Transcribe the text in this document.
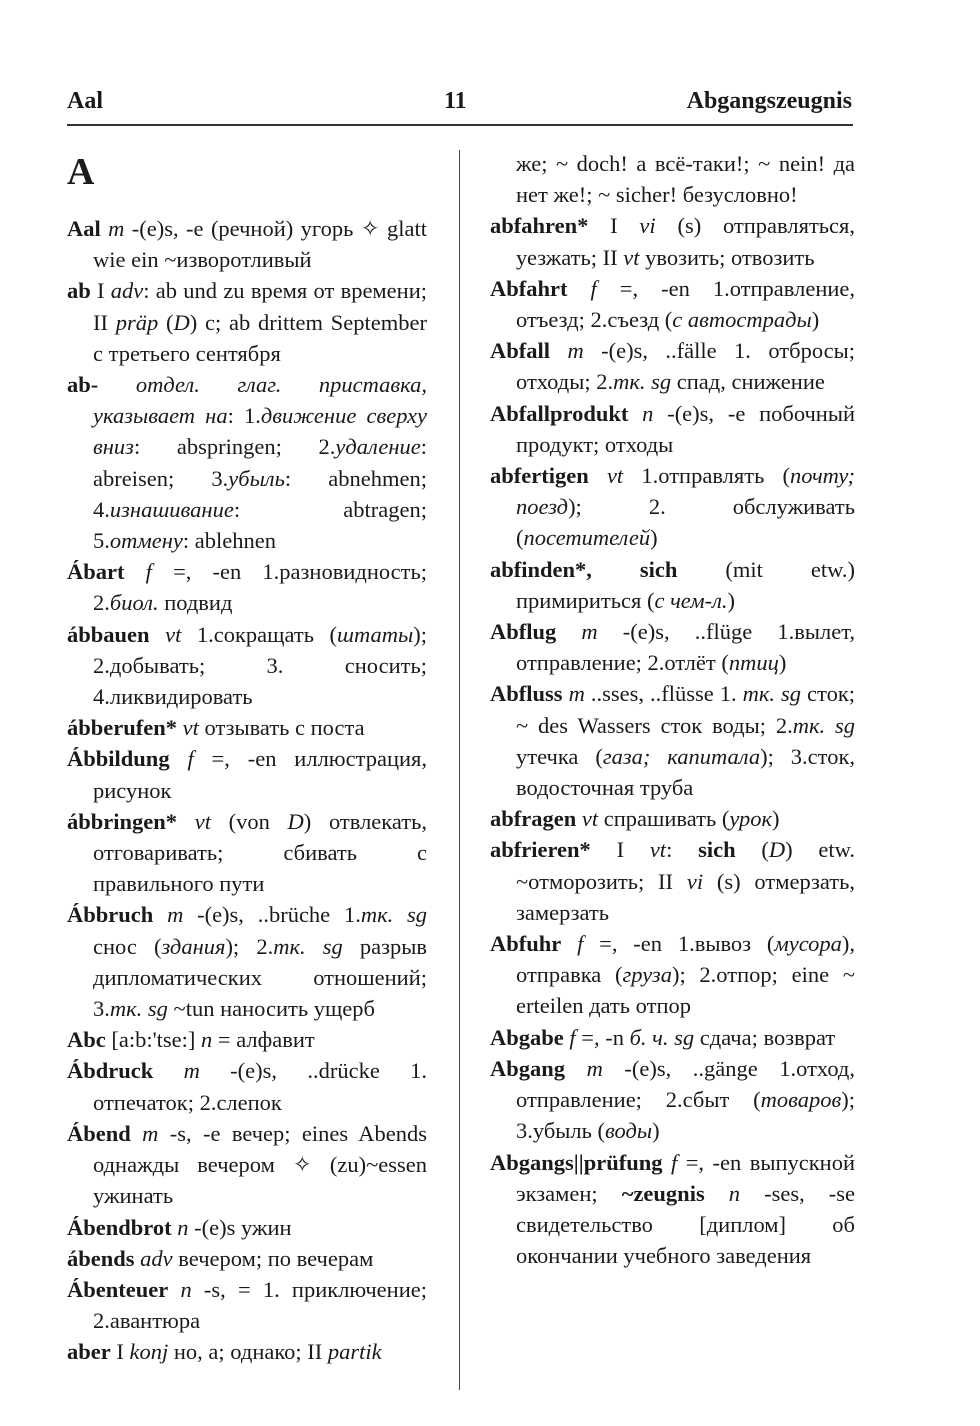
Aal	11	Abgangszeugnis
A

Aal m -(e)s, -e (речной) угорь ✧ glatt wie ein ~изворотливый

ab I adv: ab und zu время от времени; II präp (D) с; ab drittem September с третьего сентября

ab- отдел. глаг. приставка, указывает на: 1.движение сверху вниз: abspringen; 2.удаление: abreisen; 3.убыль: abnehmen; 4.изнашивание: abtragen; 5.отмену: ablehnen

Ábart f =, -en 1.разновидность; 2.биол. подвид

ábbauen vt 1.сокращать (штаты); 2.добывать; 3. сносить; 4.ликвидировать

ábberufen* vt отзывать с поста

Ábbildung f =, -en иллюстрация, рисунок

ábbringen* vt (von D) отвлекать, отговаривать; сбивать с правильного пути

Ábbruch m -(e)s, ..brüche 1.тк. sg снос (здания); 2.тк. sg разрыв дипломатических отношений; 3.тк. sg ~tun наносить ущерб

Abc [a:b:'tse:] n = алфавит

Ábdruck m -(e)s, ..drücke 1. отпечаток; 2.слепок

Ábend m -s, -e вечер; eines Abends однажды вечером ✧ (zu)~essen ужинать

Ábendbrot n -(e)s ужин

ábends adv вечером; по вечерам

Ábenteuer n -s, = 1. приключение; 2.авантюра

aber I konj но, а; однако; II partik

же; ~ doch! а всё-таки!; ~ nein! да нет же!; ~ sicher! безусловно!

abfahren* I vi (s) отправляться, уезжать; II vt увозить; отвозить

Abfahrt f =, -en 1.отправление, отъезд; 2.съезд (с автострады)

Abfall m -(e)s, ..fälle 1. отбросы; отходы; 2.тк. sg спад, снижение

Abfallprodukt n -(e)s, -e побочный продукт; отходы

abfertigen vt 1.отправлять (почту; поезд); 2. обслуживать (посетителей)

abfinden*, sich (mit etw.) примириться (с чем-л.)

Abflug m -(e)s, ..flüge 1.вылет, отправление; 2.отлёт (птиц)

Abfluss m ..sses, ..flüsse 1. тк. sg сток; ~ des Wassers сток воды; 2.тк. sg утечка (газа; капитала); 3.сток, водосточная труба

abfragen vt спрашивать (урок)

abfrieren* I vt: sich (D) etw. ~отморозить; II vi (s) отмерзать, замерзать

Abfuhr f =, -en 1.вывоз (мусора), отправка (груза); 2.отпор; eine ~ erteilen дать отпор

Abgabe f =, -n б. ч. sg сдача; возврат

Abgang m -(e)s, ..gänge 1.отход, отправление; 2.сбыт (товаров); 3.убыль (воды)

Abgangs||prüfung f =, -en выпускной экзамен; ~zeugnis n -ses, -se свидетельство [диплом] об окончании учебного заведения
